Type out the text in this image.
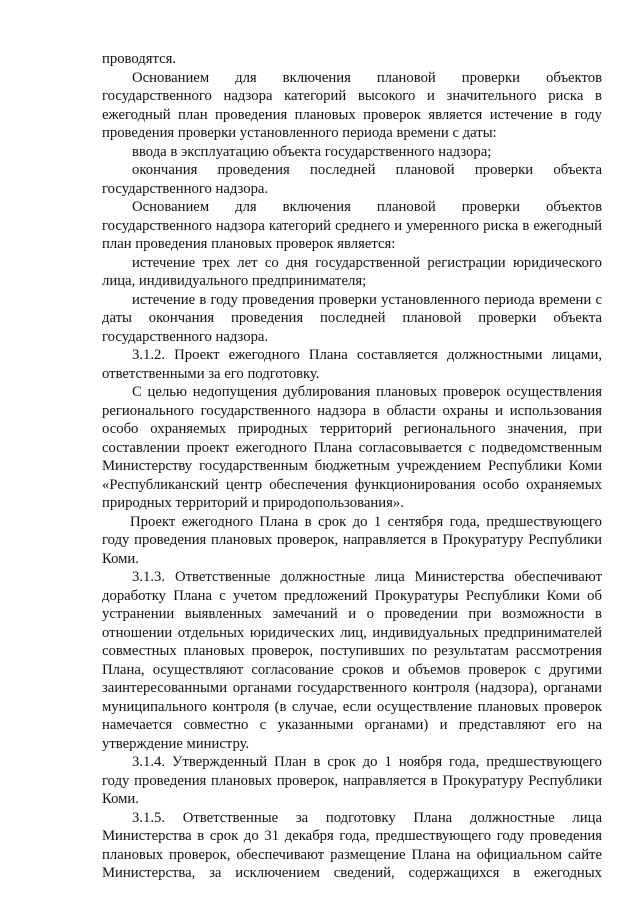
проводятся.

Основанием для включения плановой проверки объектов государственного надзора категорий высокого и значительного риска в ежегодный план проведения плановых проверок является истечение в году проведения проверки установленного периода времени с даты:

ввода в эксплуатацию объекта государственного надзора;

окончания проведения последней плановой проверки объекта государственного надзора.

Основанием для включения плановой проверки объектов государственного надзора категорий среднего и умеренного риска в ежегодный план проведения плановых проверок является:

истечение трех лет со дня государственной регистрации юридического лица, индивидуального предпринимателя;

истечение в году проведения проверки установленного периода времени с даты окончания проведения последней плановой проверки объекта государственного надзора.

3.1.2. Проект ежегодного Плана составляется должностными лицами, ответственными за его подготовку.

С целью недопущения дублирования плановых проверок осуществления регионального государственного надзора в области охраны и использования особо охраняемых природных территорий регионального значения, при составлении проект ежегодного Плана согласовывается с подведомственным Министерству государственным бюджетным учреждением Республики Коми «Республиканский центр обеспечения функционирования особо охраняемых природных территорий и природопользования».

Проект ежегодного Плана в срок до 1 сентября года, предшествующего году проведения плановых проверок, направляется в Прокуратуру Республики Коми.

3.1.3. Ответственные должностные лица Министерства обеспечивают доработку Плана с учетом предложений Прокуратуры Республики Коми об устранении выявленных замечаний и о проведении при возможности в отношении отдельных юридических лиц, индивидуальных предпринимателей совместных плановых проверок, поступивших по результатам рассмотрения Плана, осуществляют согласование сроков и объемов проверок с другими заинтересованными органами государственного контроля (надзора), органами муниципального контроля (в случае, если осуществление плановых проверок намечается совместно с указанными органами) и представляют его на утверждение министру.

3.1.4. Утвержденный План в срок до 1 ноября года, предшествующего году проведения плановых проверок, направляется в Прокуратуру Республики Коми.

3.1.5. Ответственные за подготовку Плана должностные лица Министерства в срок до 31 декабря года, предшествующего году проведения плановых проверок, обеспечивают размещение Плана на официальном сайте Министерства, за исключением сведений, содержащихся в ежегодных
